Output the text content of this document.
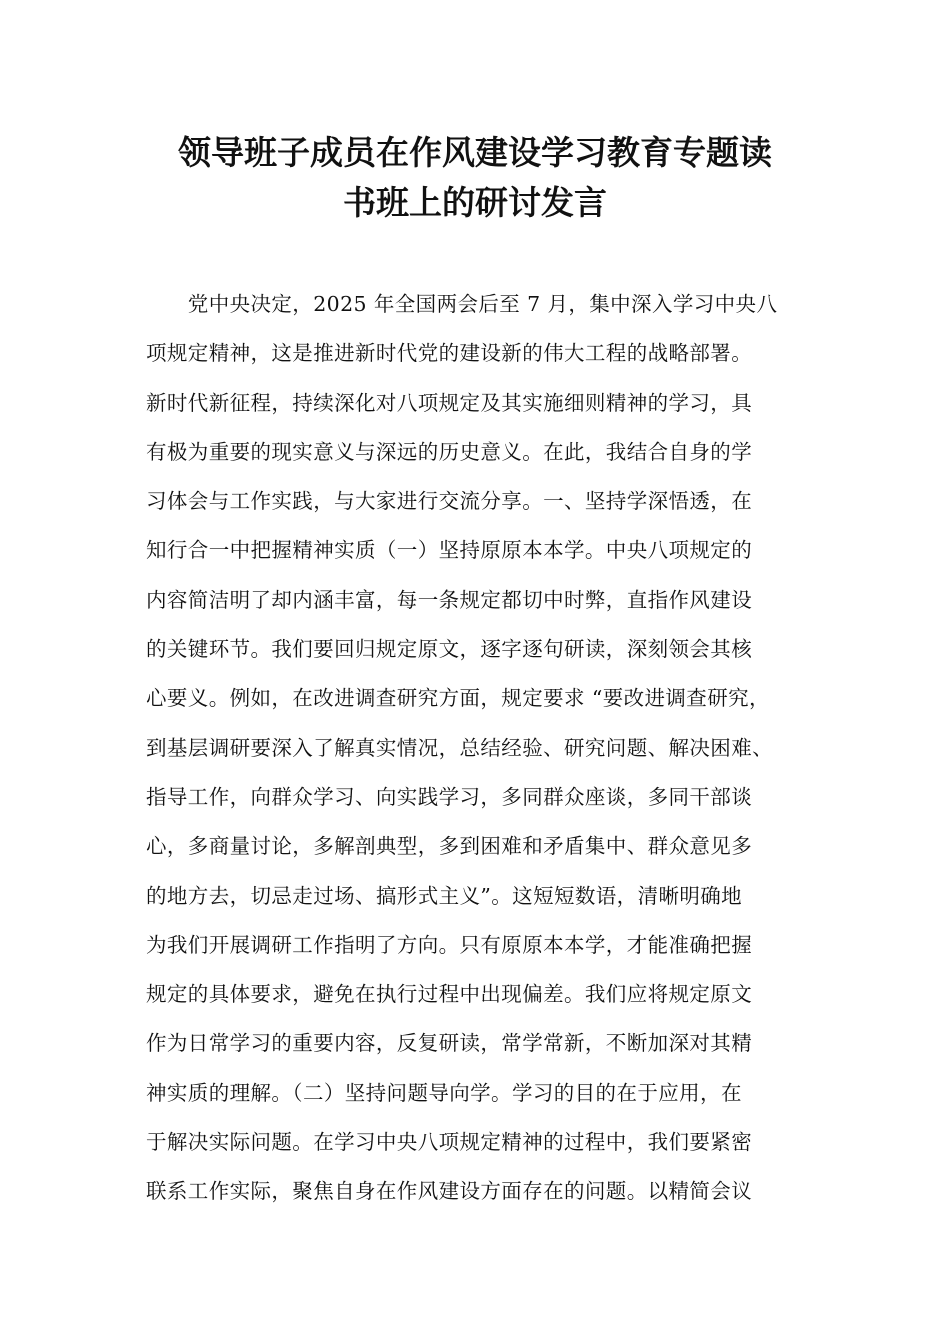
领导班子成员在作风建设学习教育专题读
书班上的研讨发言
　　党中央决定，2025 年全国两会后至 7 月，集中深入学习中央八
项规定精神，这是推进新时代党的建设新的伟大工程的战略部署。
新时代新征程，持续深化对八项规定及其实施细则精神的学习，具
有极为重要的现实意义与深远的历史意义。在此，我结合自身的学
习体会与工作实践，与大家进行交流分享。一、坚持学深悟透，在
知行合一中把握精神实质（一）坚持原原本本学。中央八项规定的
内容简洁明了却内涵丰富，每一条规定都切中时弊，直指作风建设
的关键环节。我们要回归规定原文，逐字逐句研读，深刻领会其核
心要义。例如，在改进调查研究方面，规定要求 “要改进调查研究，
到基层调研要深入了解真实情况，总结经验、研究问题、解决困难、
指导工作，向群众学习、向实践学习，多同群众座谈，多同干部谈
心，多商量讨论，多解剖典型，多到困难和矛盾集中、群众意见多
的地方去，切忌走过场、搞形式主义”。这短短数语，清晰明确地
为我们开展调研工作指明了方向。只有原原本本学，才能准确把握
规定的具体要求，避免在执行过程中出现偏差。我们应将规定原文
作为日常学习的重要内容，反复研读，常学常新，不断加深对其精
神实质的理解。（二）坚持问题导向学。学习的目的在于应用，在
于解决实际问题。在学习中央八项规定精神的过程中，我们要紧密
联系工作实际，聚焦自身在作风建设方面存在的问题。以精简会议
